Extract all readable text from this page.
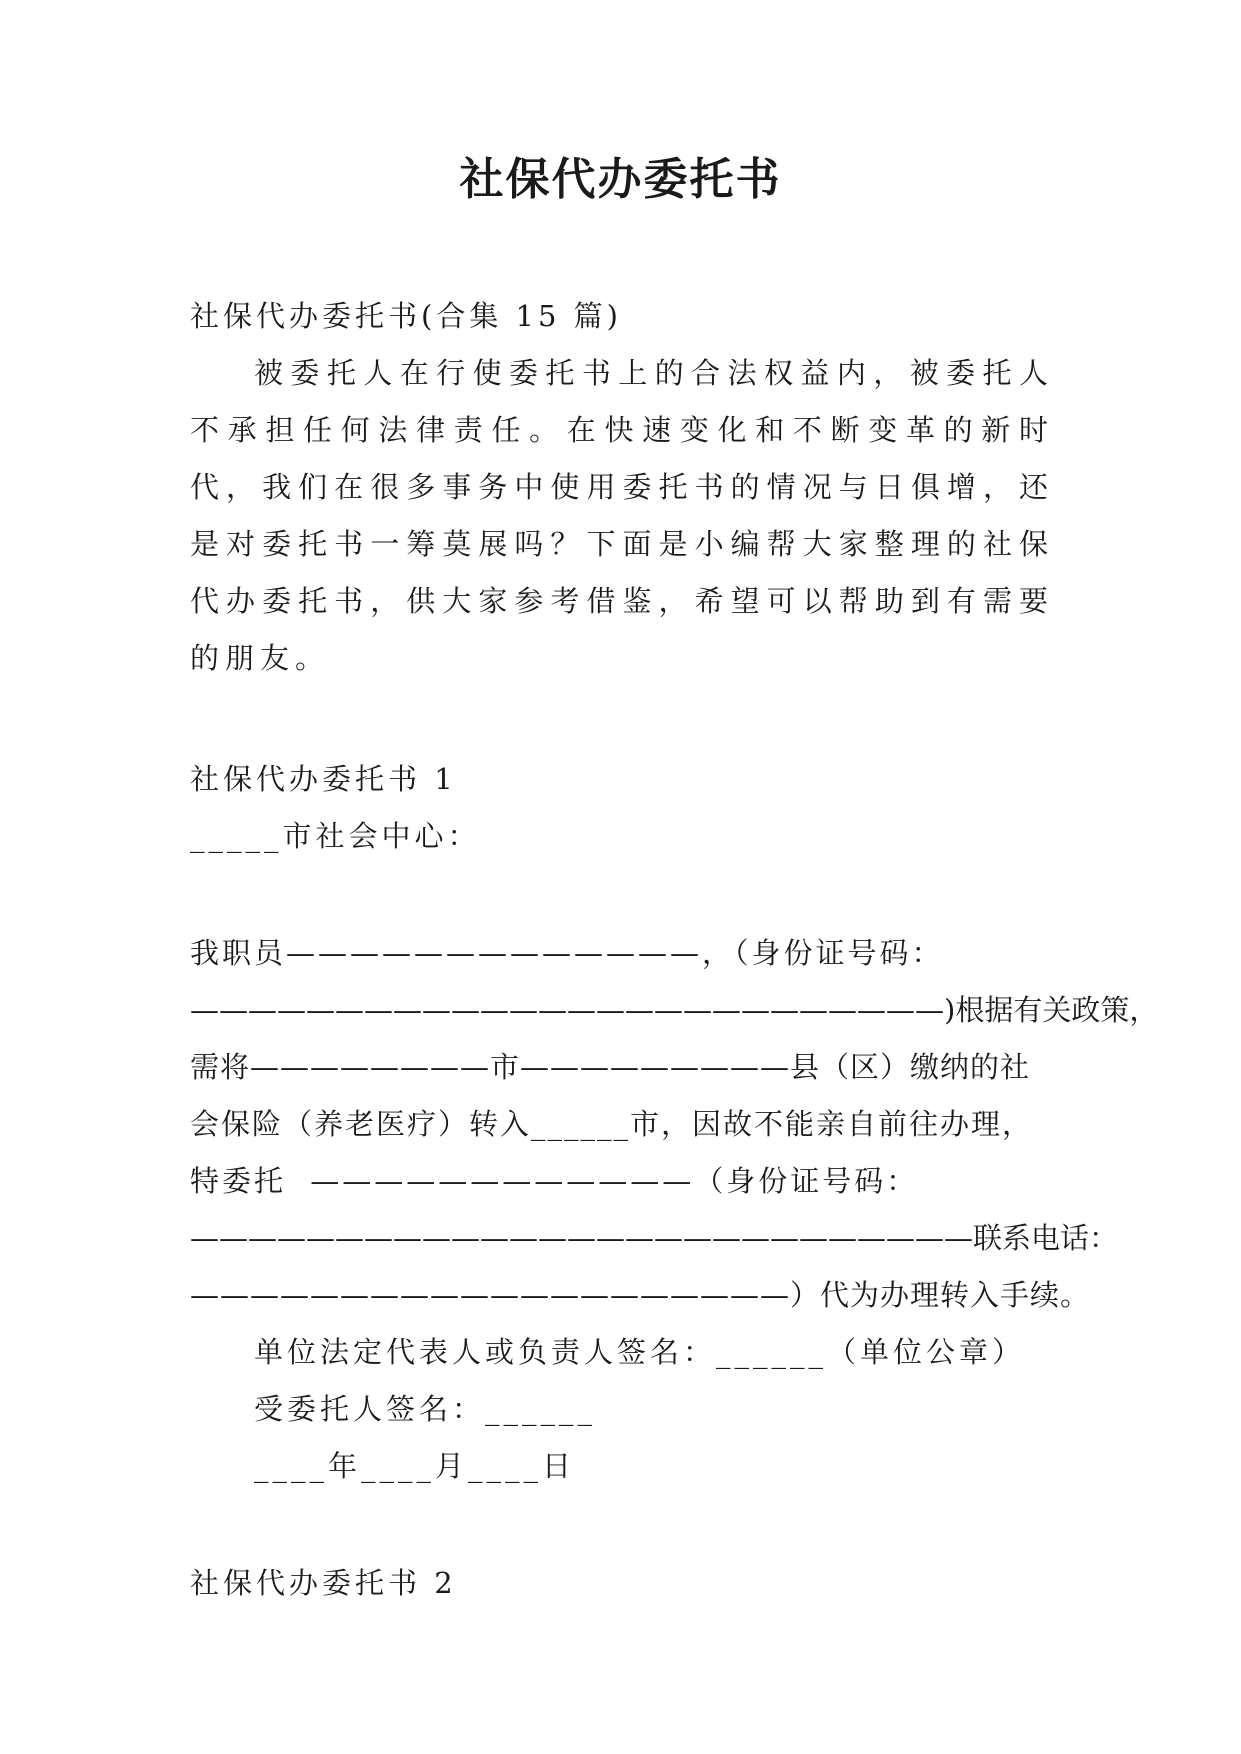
社保代办委托书

社保代办委托书(合集 15 篇)

被委托人在行使委托书上的合法权益内，被委托人不承担任何法律责任。在快速变化和不断变革的新时代，我们在很多事务中使用委托书的情况与日俱增，还是对委托书一筹莫展吗？下面是小编帮大家整理的社保代办委托书，供大家参考借鉴，希望可以帮助到有需要的朋友。

社保代办委托书 1

_____市社会中心：

我职员—————————————，（身份证号码：

——————————————————————————)根据有关政策，

需将————————市—————————县（区）缴纳的社

会保险（养老医疗）转入______市，因故不能亲自前往办理，

特委托 ————————————（身份证号码：

———————————————————————————联系电话：

————————————————————）代为办理转入手续。

单位法定代表人或负责人签名：______（单位公章）

受委托人签名：______

____年____月____日

社保代办委托书 2
